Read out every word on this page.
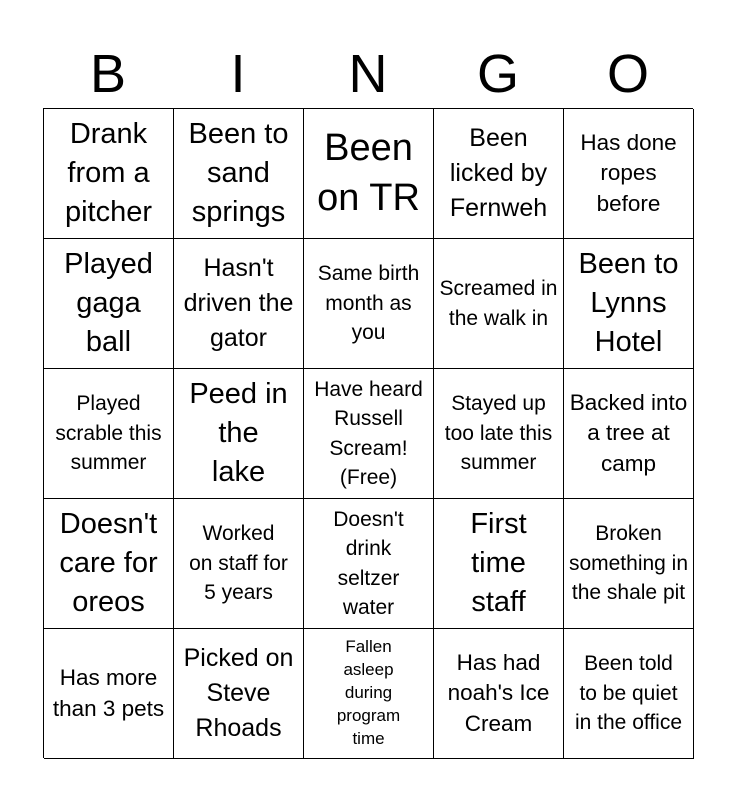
B	I	N	G	O
Drank from a pitcher
Been to sand springs
Been on TR
Been licked by Fernweh
Has done ropes before
Played gaga ball
Hasn't driven the gator
Same birth month as you
Screamed in the walk in
Been to Lynns Hotel
Played scrable this summer
Peed in the lake
Have heard Russell Scream! (Free)
Stayed up too late this summer
Backed into a tree at camp
Doesn't care for oreos
Worked on staff for 5 years
Doesn't drink seltzer water
First time staff
Broken something in the shale pit
Has more than 3 pets
Picked on Steve Rhoads
Fallen asleep during program time
Has had noah's Ice Cream
Been told to be quiet in the office
